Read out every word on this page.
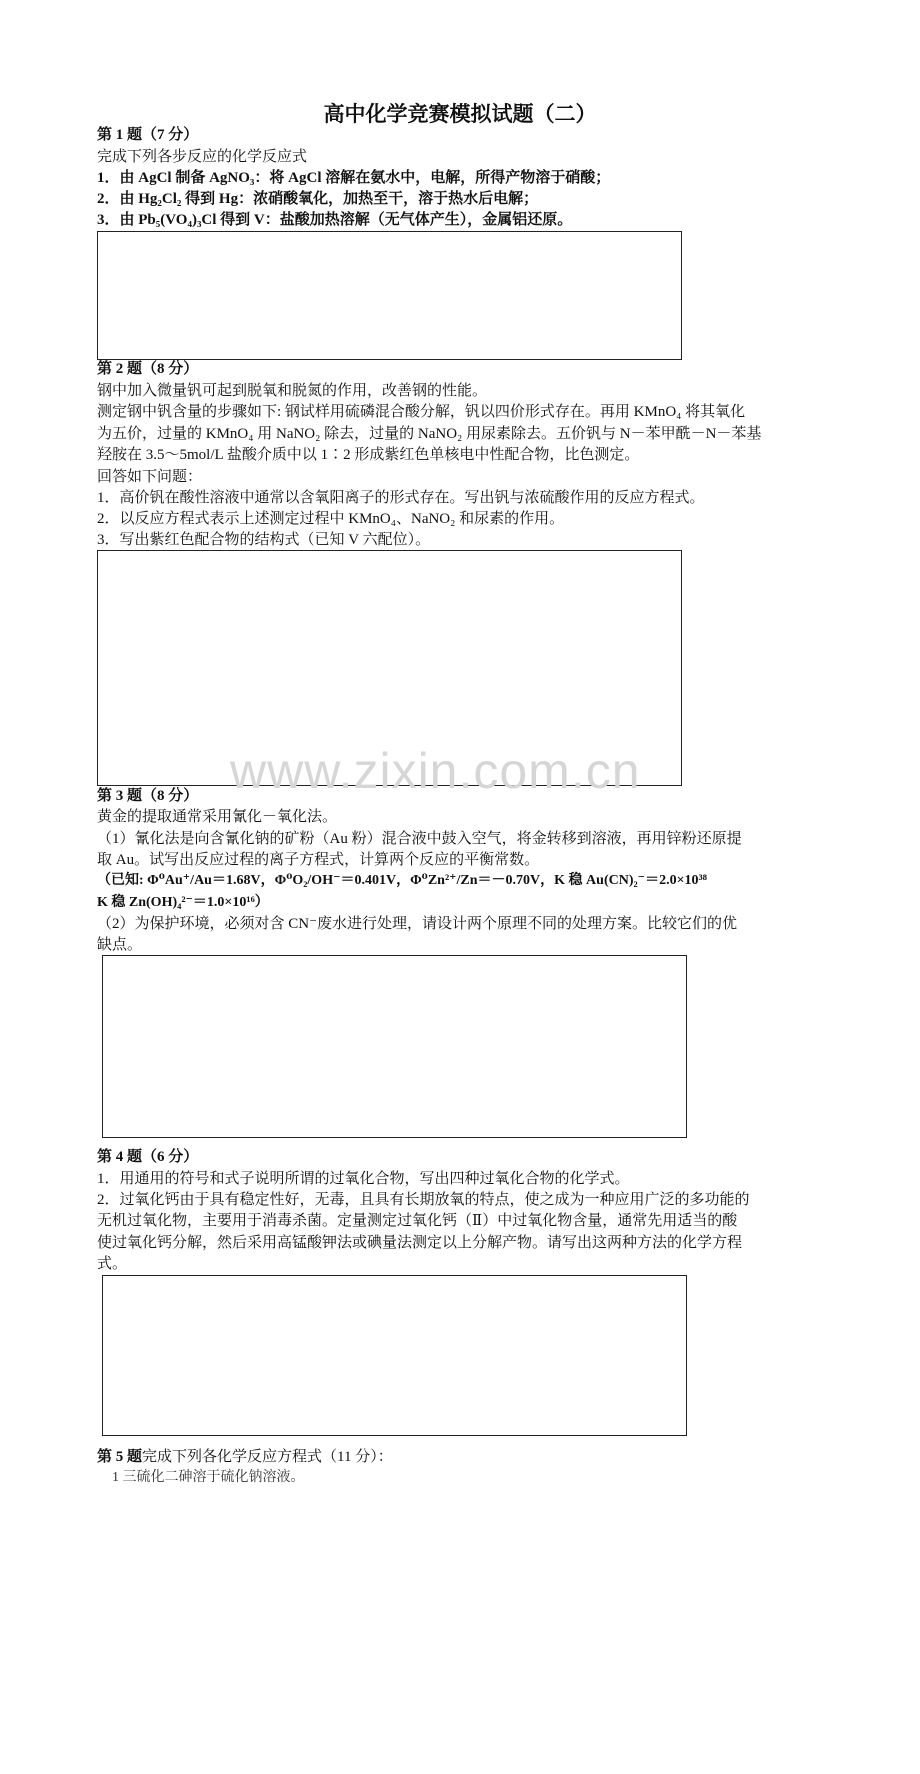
高中化学竞赛模拟试题（二）
第 1 题（7 分）
完成下列各步反应的化学反应式
1．由 AgCl 制备 AgNO₃：将 AgCl 溶解在氨水中，电解，所得产物溶于硝酸；
2．由 Hg₂Cl₂ 得到 Hg：浓硝酸氧化，加热至干，溶于热水后电解；
3．由 Pb₅(VO₄)₃Cl 得到 V：盐酸加热溶解（无气体产生），金属铝还原。
第 2 题（8 分）
钢中加入微量钒可起到脱氧和脱氮的作用，改善钢的性能。
测定钢中钒含量的步骤如下: 钢试样用硫磷混合酸分解，钒以四价形式存在。再用 KMnO₄ 将其氧化
为五价，过量的 KMnO₄ 用 NaNO₂ 除去，过量的 NaNO₂ 用尿素除去。五价钒与 N－苯甲酰－N－苯基
羟胺在 3.5～5mol/L 盐酸介质中以 1∶2 形成紫红色单核电中性配合物，比色测定。
回答如下问题：
1．高价钒在酸性溶液中通常以含氧阳离子的形式存在。写出钒与浓硫酸作用的反应方程式。
2．以反应方程式表示上述测定过程中 KMnO₄、NaNO₂ 和尿素的作用。
3．写出紫红色配合物的结构式（已知 V 六配位）。
www.zixin.com.cn
第 3 题（8 分）
黄金的提取通常采用氰化－氧化法。
（1）氰化法是向含氰化钠的矿粉（Au 粉）混合液中鼓入空气，将金转移到溶液，再用锌粉还原提
取 Au。试写出反应过程的离子方程式，计算两个反应的平衡常数。
（已知: Φ⁰Au⁺/Au＝1.68V，Φ⁰O₂/OH⁻＝0.401V，Φ⁰Zn²⁺/Zn＝－0.70V，K 稳 Au(CN)₂⁻＝2.0×10³⁸
K 稳 Zn(OH)₄²⁻＝1.0×10¹⁶）
（2）为保护环境，必须对含 CN⁻废水进行处理，请设计两个原理不同的处理方案。比较它们的优
缺点。
第 4 题（6 分）
1．用通用的符号和式子说明所谓的过氧化合物，写出四种过氧化合物的化学式。
2．过氧化钙由于具有稳定性好，无毒，且具有长期放氧的特点，使之成为一种应用广泛的多功能的
无机过氧化物，主要用于消毒杀菌。定量测定过氧化钙（Ⅱ）中过氧化物含量，通常先用适当的酸
使过氧化钙分解，然后采用高锰酸钾法或碘量法测定以上分解产物。请写出这两种方法的化学方程
式。
第 5 题完成下列各化学反应方程式（11 分）：
1 三硫化二砷溶于硫化钠溶液。
